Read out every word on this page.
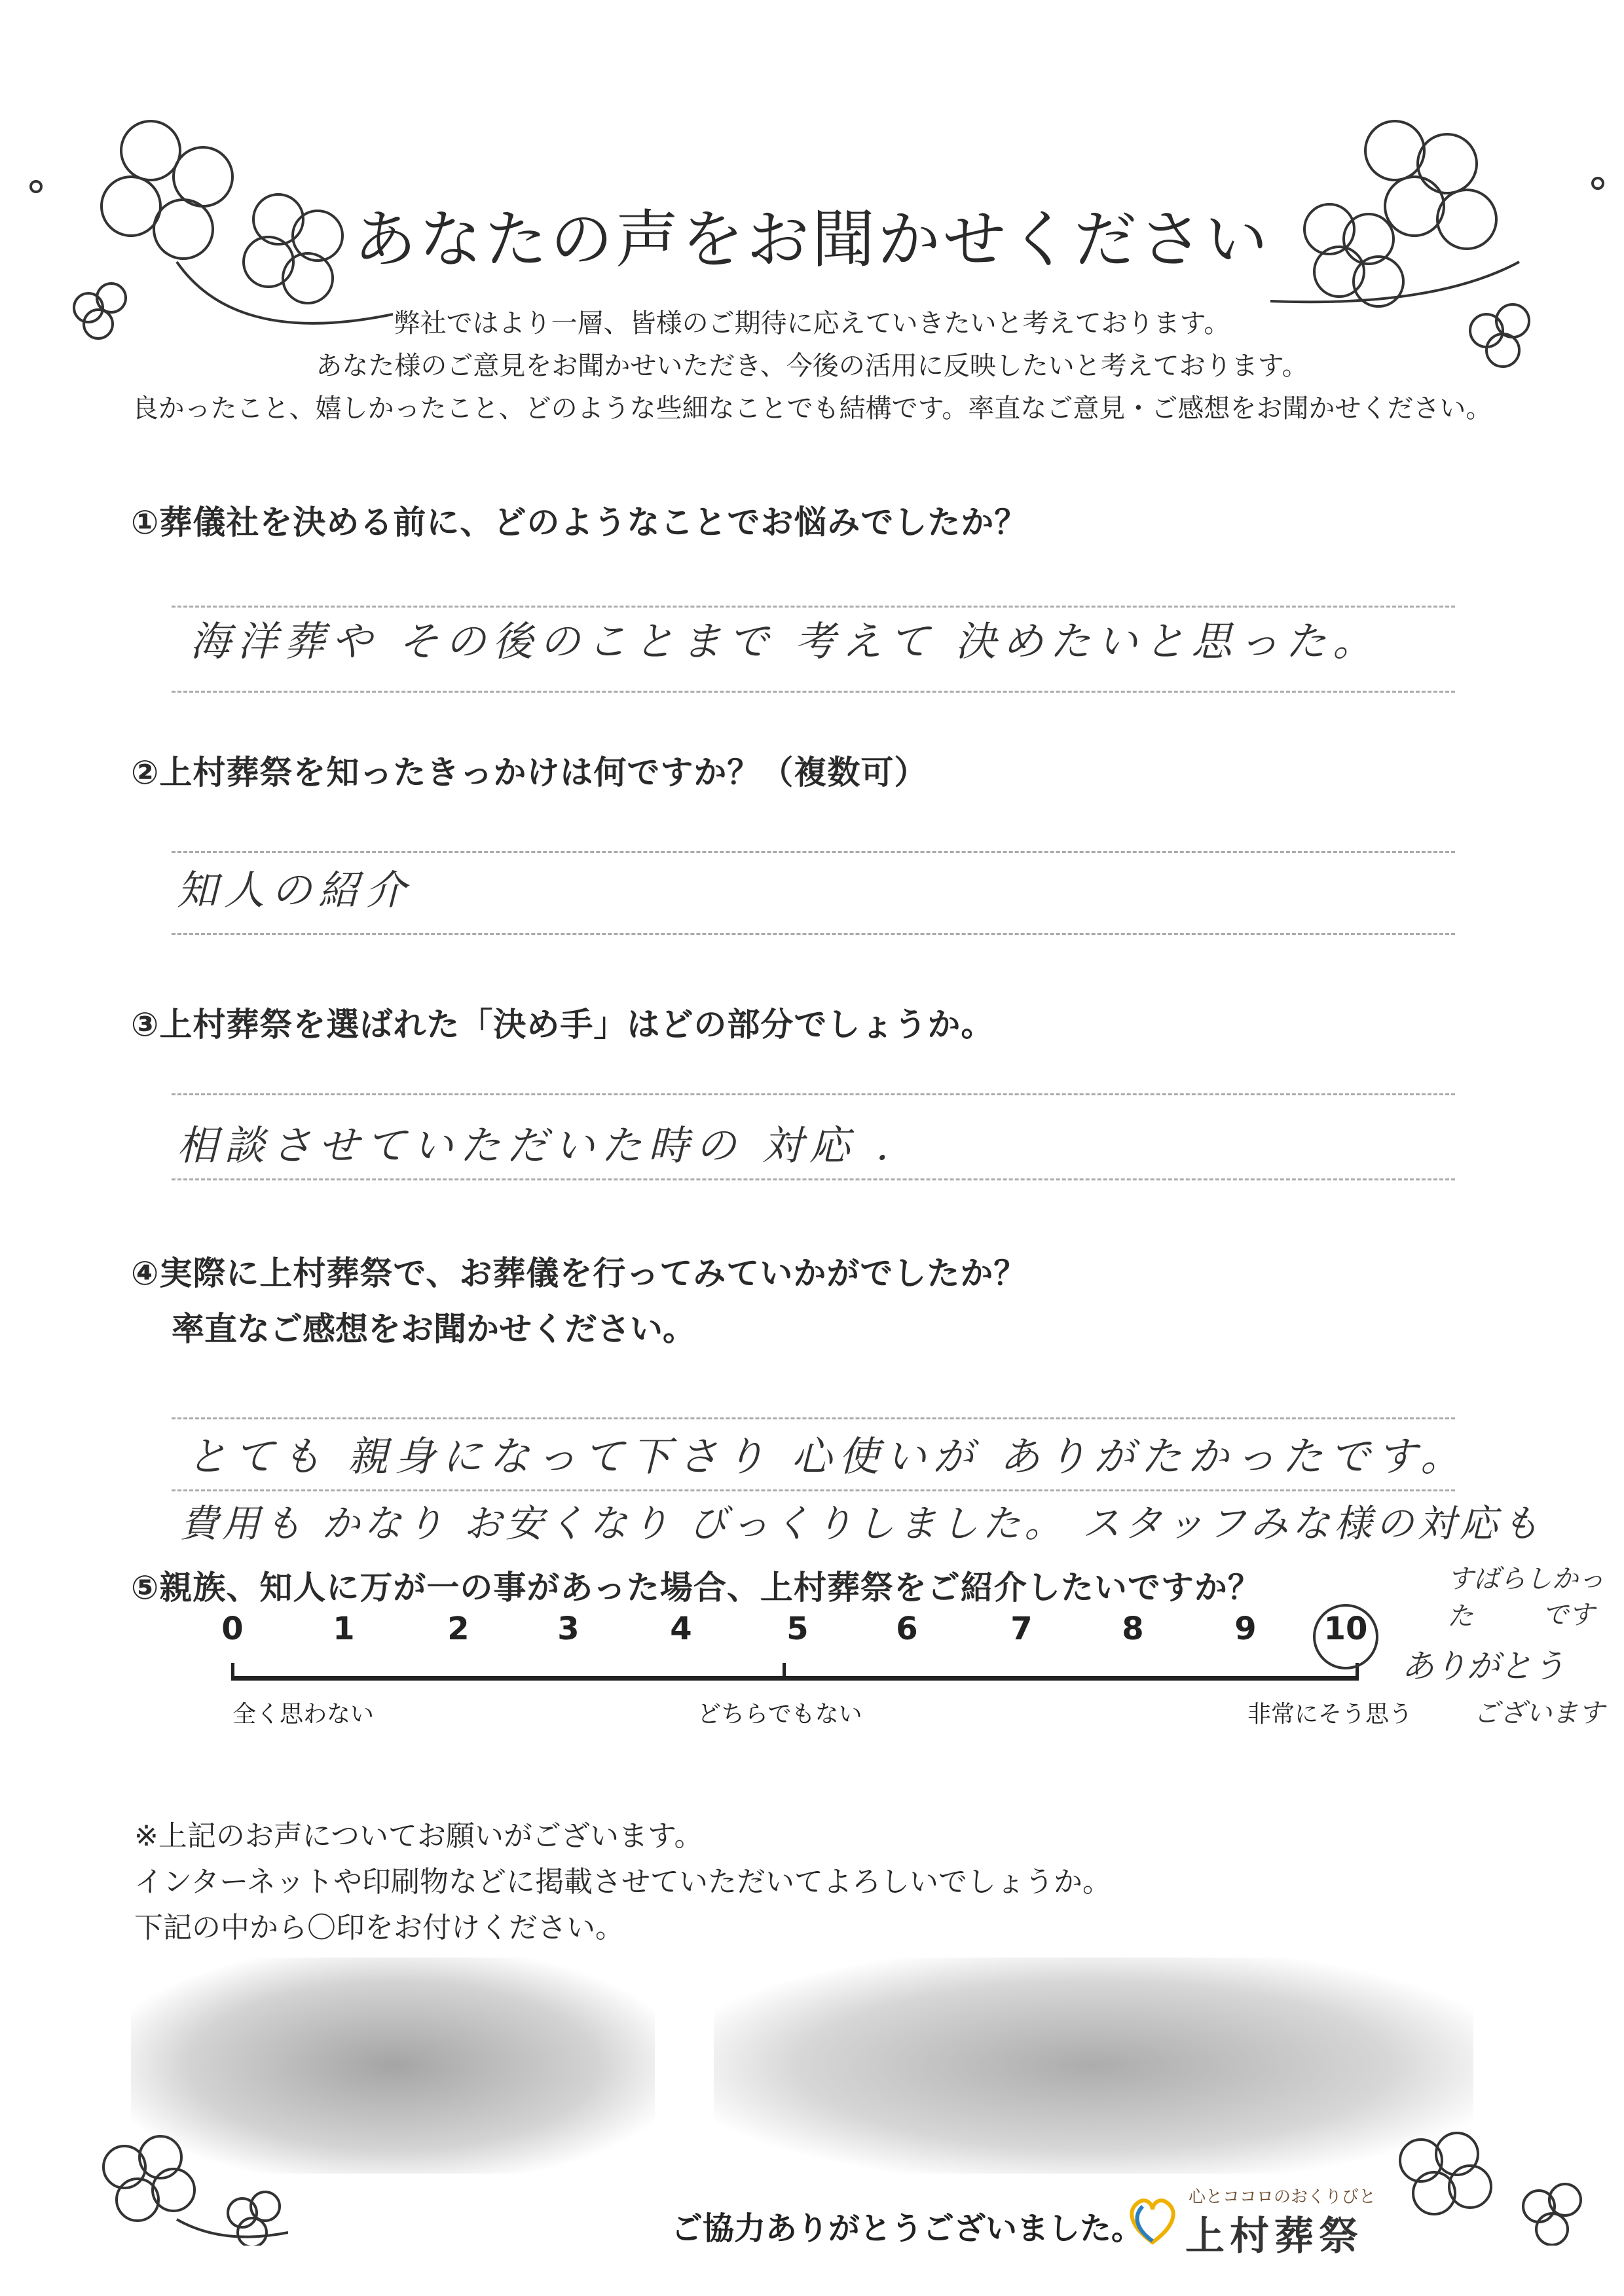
あなたの声をお聞かせください
弊社ではより一層、皆様のご期待に応えていきたいと考えております。
あなた様のご意見をお聞かせいただき、今後の活用に反映したいと考えております。
良かったこと、嬉しかったこと、どのような些細なことでも結構です。率直なご意見・ご感想をお聞かせください。
①葬儀社を決める前に、どのようなことでお悩みでしたか？
海洋葬や その後のことまで 考えて 決めたいと思った。
②上村葬祭を知ったきっかけは何ですか？（複数可）
知人の紹介
③上村葬祭を選ばれた「決め手」はどの部分でしょうか。
相談させていただいた時の 対応 .
④実際に上村葬祭で、お葬儀を行ってみていかがでしたか？
率直なご感想をお聞かせください。
とても 親身になって下さり 心使いが ありがたかったです。
費用も かなり お安くなり びっくりしました。 スタッフみな様の対応も
⑤親族、知人に万が一の事があった場合、上村葬祭をご紹介したいですか？
0	1	2	3	4	5	6	7	8	9	10
全く思わない	どちらでもない	非常にそう思う
すばらしかった	です
ありがとう
ございます
※上記のお声についてお願いがございます。
インターネットや印刷物などに掲載させていただいてよろしいでしょうか。
下記の中から〇印をお付けください。
ご協力ありがとうございました。
心とココロのおくりびと
上村葬祭
